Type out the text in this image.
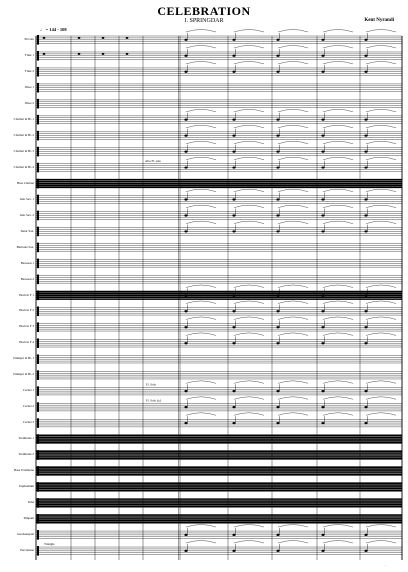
CELEBRATION
I. SPRINGDAR	Kent Nyrandi
♩ = 144 - 108
Alto Fl. solo
Fl. Solo
Fl. Solo (a.)
Triangle
Piccolo
Flute 1
Flute 2
Oboe 1
Oboe 2
Clarinet in B♭ 1
Clarinet in B♭ 2
Clarinet in B♭ 3
Clarinet in B♭ 4
Bass Clarinet
Alto Sax. 1
Alto Sax. 2
Tenor Sax.
Baritone Sax.
Bassoon 1
Bassoon 2
Horn in F 1
Horn in F 2
Horn in F 3
Horn in F 4
Trumpet in B♭ 1
Trumpet in B♭ 2
Cornet 1
Cornet 2
Cornet 3
Trombone 1
Trombone 2
Bass Trombone
Euphonium
Tuba
Timpani
Glockenspiel
Percussion
·
